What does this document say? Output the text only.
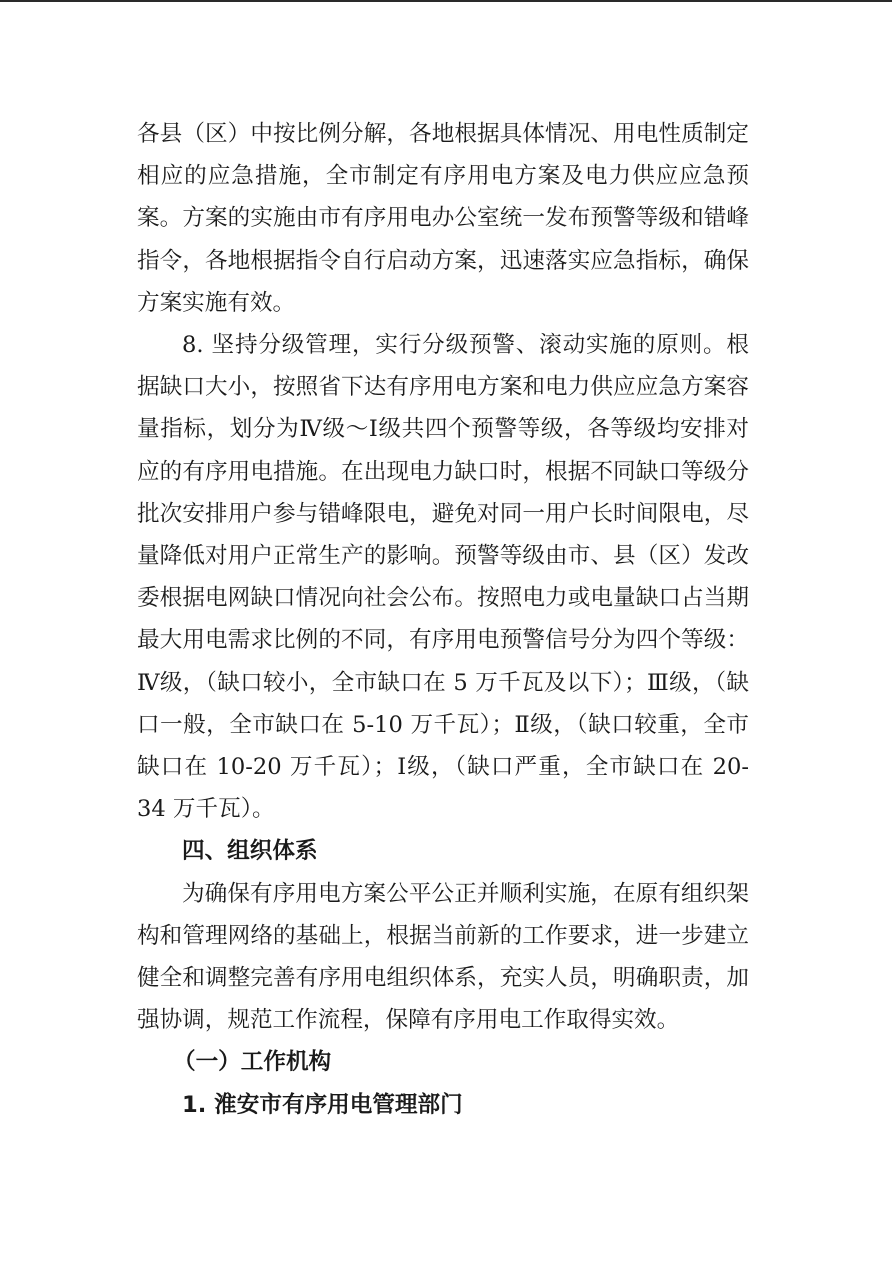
各县（区）中按比例分解，各地根据具体情况、用电性质制定相应的应急措施，全市制定有序用电方案及电力供应应急预案。方案的实施由市有序用电办公室统一发布预警等级和错峰指令，各地根据指令自行启动方案，迅速落实应急指标，确保方案实施有效。

8. 坚持分级管理，实行分级预警、滚动实施的原则。根据缺口大小，按照省下达有序用电方案和电力供应应急方案容量指标，划分为Ⅳ级～Ⅰ级共四个预警等级，各等级均安排对应的有序用电措施。在出现电力缺口时，根据不同缺口等级分批次安排用户参与错峰限电，避免对同一用户长时间限电，尽量降低对用户正常生产的影响。预警等级由市、县（区）发改委根据电网缺口情况向社会公布。按照电力或电量缺口占当期最大用电需求比例的不同，有序用电预警信号分为四个等级：Ⅳ级，（缺口较小，全市缺口在 5 万千瓦及以下）；Ⅲ级，（缺口一般，全市缺口在 5-10 万千瓦）；Ⅱ级，（缺口较重，全市缺口在 10-20 万千瓦）；Ⅰ级，（缺口严重，全市缺口在 20-34 万千瓦）。

四、组织体系

为确保有序用电方案公平公正并顺利实施，在原有组织架构和管理网络的基础上，根据当前新的工作要求，进一步建立健全和调整完善有序用电组织体系，充实人员，明确职责，加强协调，规范工作流程，保障有序用电工作取得实效。

（一）工作机构

1. 淮安市有序用电管理部门
